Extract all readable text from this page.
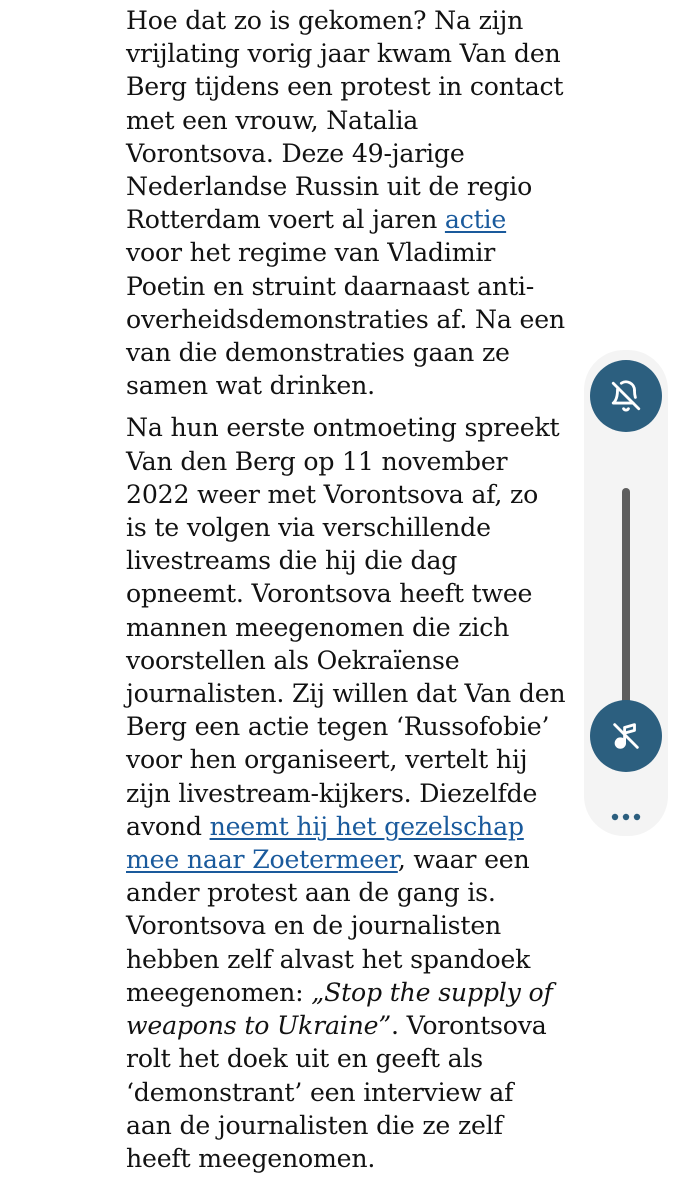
Hoe dat zo is gekomen? Na zijn vrijlating vorig jaar kwam Van den Berg tijdens een protest in contact met een vrouw, Natalia Vorontsova. Deze 49-jarige Nederlandse Russin uit de regio Rotterdam voert al jaren actie voor het regime van Vladimir Poetin en struint daarnaast anti-overheidsdemonstraties af. Na een van die demonstraties gaan ze samen wat drinken.

Na hun eerste ontmoeting spreekt Van den Berg op 11 november 2022 weer met Vorontsova af, zo is te volgen via verschillende livestreams die hij die dag opneemt. Vorontsova heeft twee mannen meegenomen die zich voorstellen als Oekraïense journalisten. Zij willen dat Van den Berg een actie tegen ‘Russofobie’ voor hen organiseert, vertelt hij zijn livestream-kijkers. Diezelfde avond neemt hij het gezelschap mee naar Zoetermeer, waar een ander protest aan de gang is. Vorontsova en de journalisten hebben zelf alvast het spandoek meegenomen: „Stop the supply of weapons to Ukraine”. Vorontsova rolt het doek uit en geeft als ‘demonstrant’ een interview af aan de journalisten die ze zelf heeft meegenomen.
